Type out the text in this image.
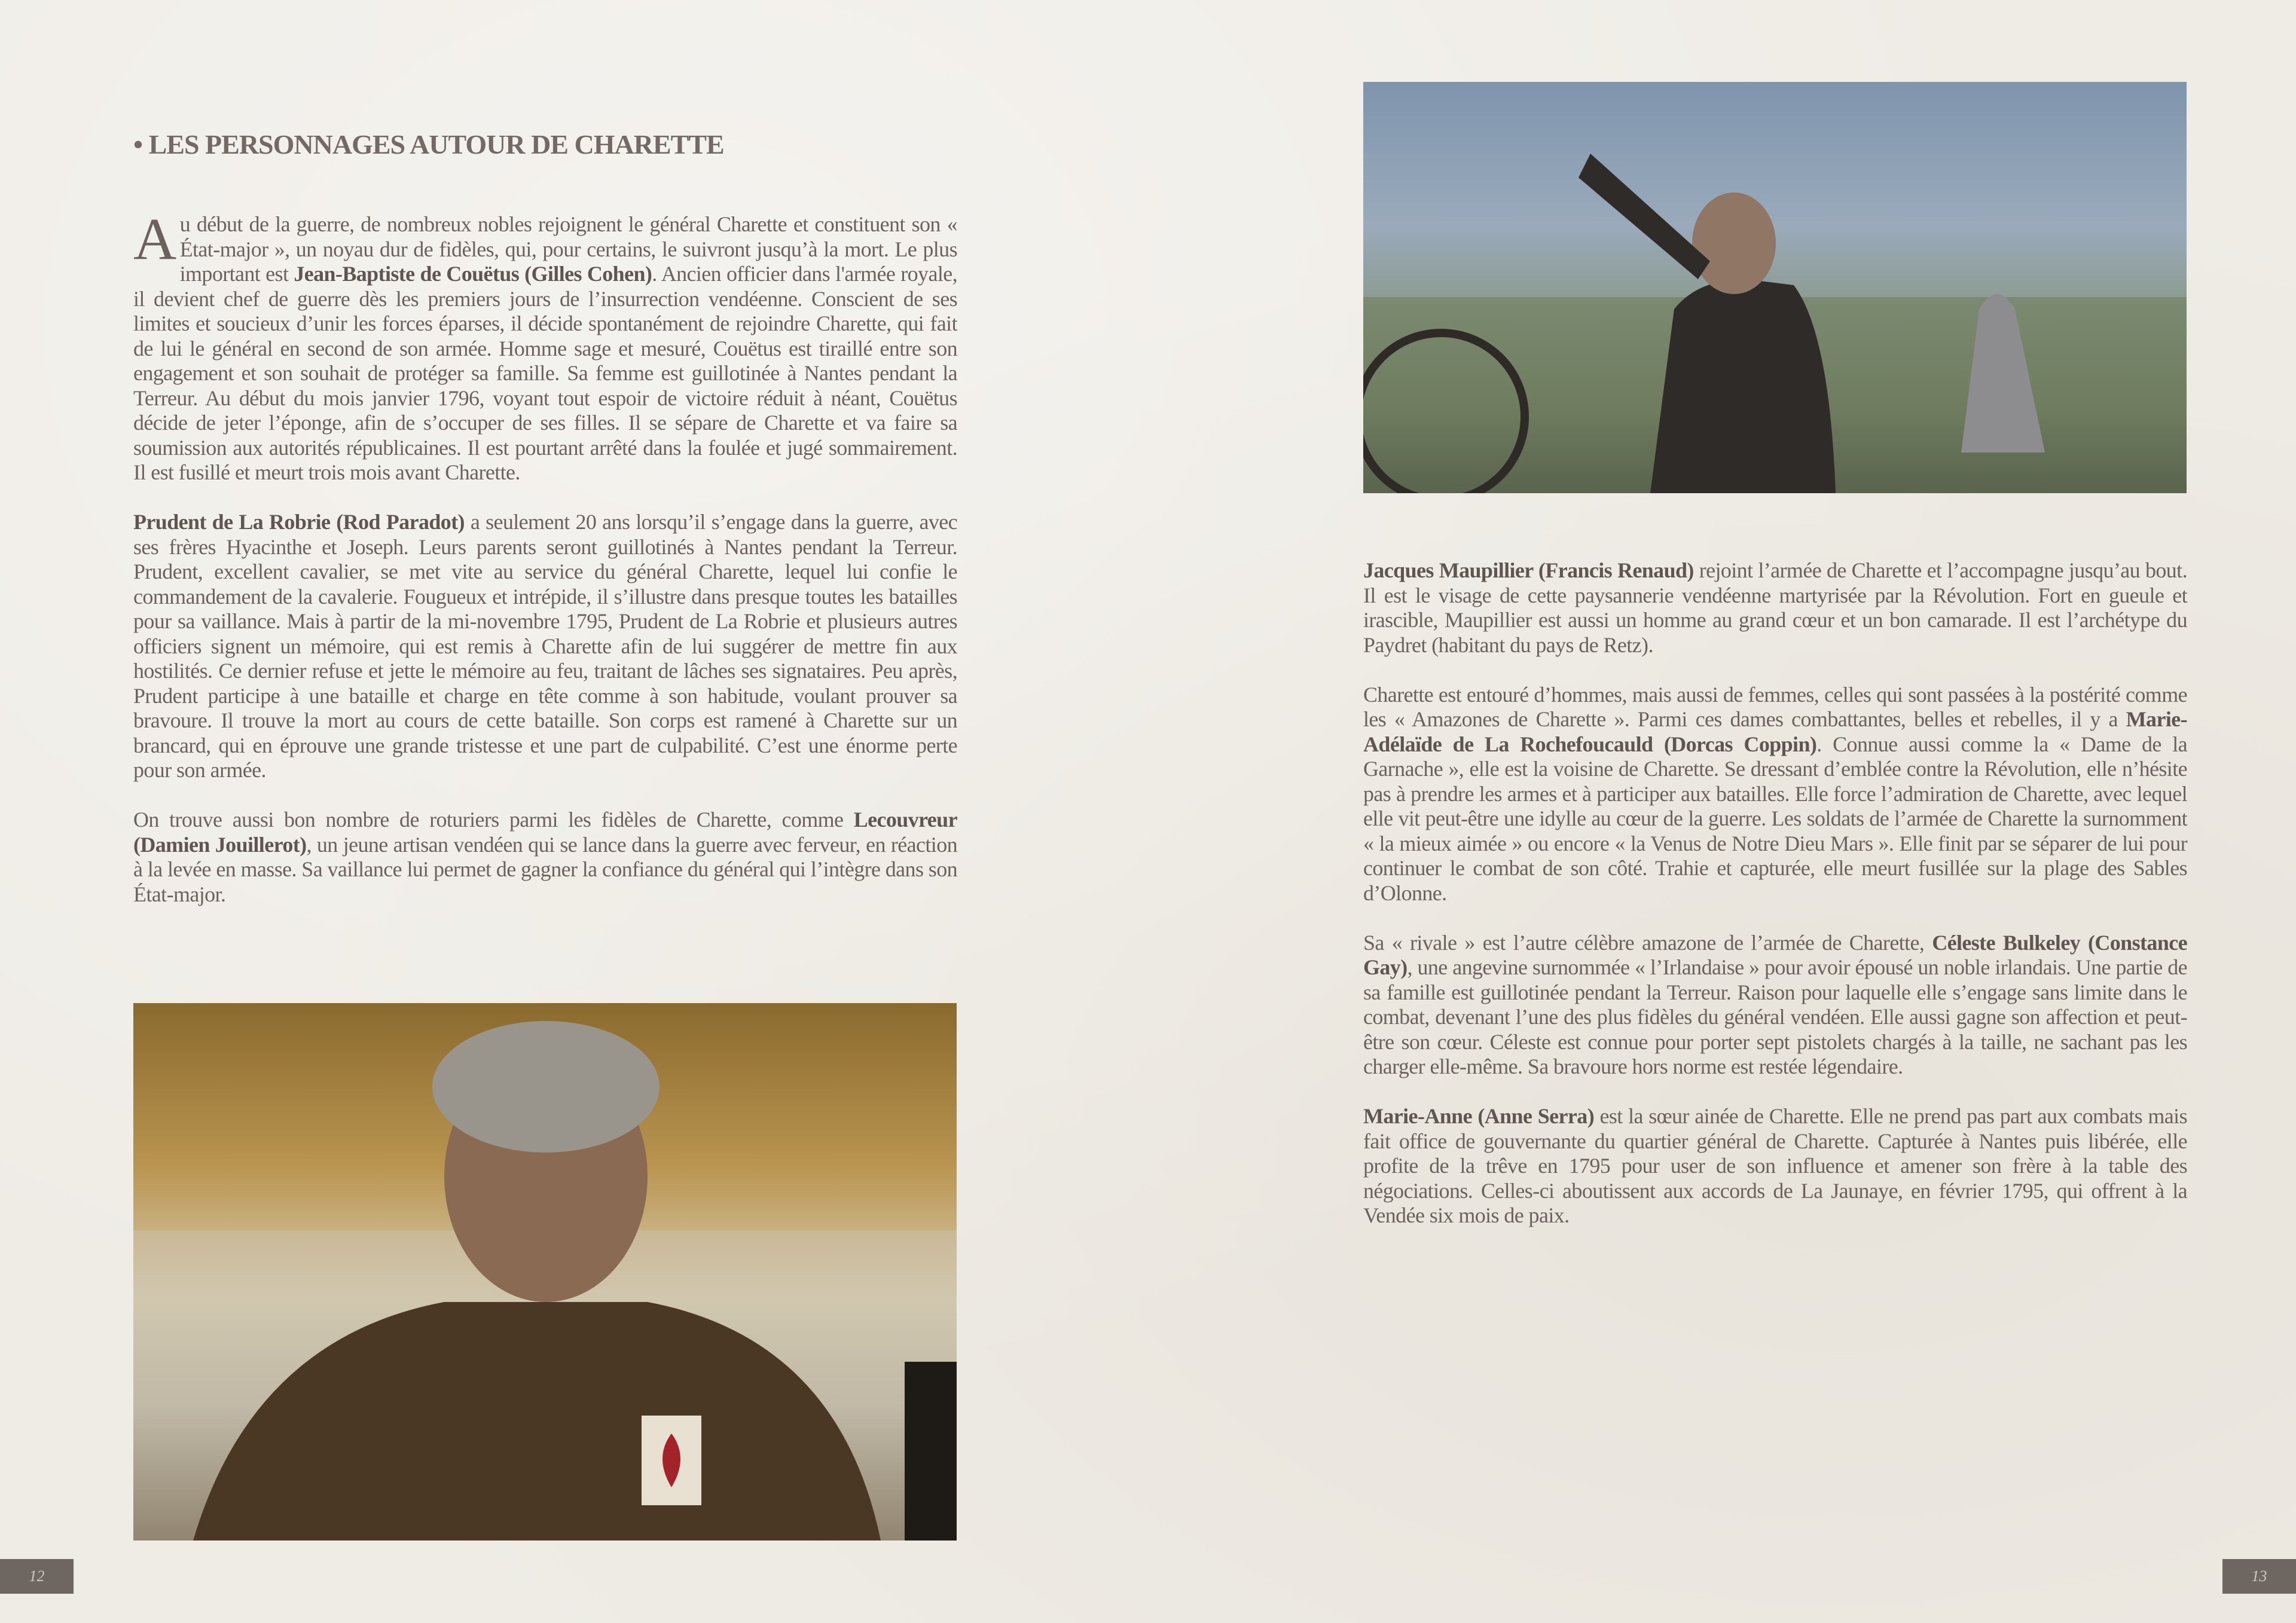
• LES PERSONNAGES AUTOUR DE CHARETTE

Au début de la guerre, de nombreux nobles rejoignent le général Charette et constituent son « État-major », un noyau dur de fidèles, qui, pour certains, le suivront jusqu’à la mort. Le plus important est Jean-Baptiste de Couëtus (Gilles Cohen). Ancien officier dans l'armée royale, il devient chef de guerre dès les premiers jours de l’insurrection vendéenne. Conscient de ses limites et soucieux d’unir les forces éparses, il décide spontanément de rejoindre Charette, qui fait de lui le général en second de son armée. Homme sage et mesuré, Couëtus est tiraillé entre son engagement et son souhait de protéger sa famille. Sa femme est guillotinée à Nantes pendant la Terreur. Au début du mois janvier 1796, voyant tout espoir de victoire réduit à néant, Couëtus décide de jeter l’éponge, afin de s’occuper de ses filles. Il se sépare de Charette et va faire sa soumission aux autorités républicaines. Il est pourtant arrêté dans la foulée et jugé sommairement. Il est fusillé et meurt trois mois avant Charette.

Prudent de La Robrie (Rod Paradot) a seulement 20 ans lorsqu’il s’engage dans la guerre, avec ses frères Hyacinthe et Joseph. Leurs parents seront guillotinés à Nantes pendant la Terreur. Prudent, excellent cavalier, se met vite au service du général Charette, lequel lui confie le commandement de la cavalerie. Fougueux et intrépide, il s’illustre dans presque toutes les batailles pour sa vaillance. Mais à partir de la mi-novembre 1795, Prudent de La Robrie et plusieurs autres officiers signent un mémoire, qui est remis à Charette afin de lui suggérer de mettre fin aux hostilités. Ce dernier refuse et jette le mémoire au feu, traitant de lâches ses signataires. Peu après, Prudent participe à une bataille et charge en tête comme à son habitude, voulant prouver sa bravoure. Il trouve la mort au cours de cette bataille. Son corps est ramené à Charette sur un brancard, qui en éprouve une grande tristesse et une part de culpabilité. C’est une énorme perte pour son armée.

On trouve aussi bon nombre de roturiers parmi les fidèles de Charette, comme Lecouvreur (Damien Jouillerot), un jeune artisan vendéen qui se lance dans la guerre avec ferveur, en réaction à la levée en masse. Sa vaillance lui permet de gagner la confiance du général qui l’intègre dans son État-major.

Jacques Maupillier (Francis Renaud) rejoint l’armée de Charette et l’accompagne jusqu’au bout. Il est le visage de cette paysannerie vendéenne martyrisée par la Révolution. Fort en gueule et irascible, Maupillier est aussi un homme au grand cœur et un bon camarade. Il est l’archétype du Paydret (habitant du pays de Retz).

Charette est entouré d’hommes, mais aussi de femmes, celles qui sont passées à la postérité comme les « Amazones de Charette ». Parmi ces dames combattantes, belles et rebelles, il y a Marie-Adélaïde de La Rochefoucauld (Dorcas Coppin). Connue aussi comme la « Dame de la Garnache », elle est la voisine de Charette. Se dressant d’emblée contre la Révolution, elle n’hésite pas à prendre les armes et à participer aux batailles. Elle force l’admiration de Charette, avec lequel elle vit peut-être une idylle au cœur de la guerre. Les soldats de l’armée de Charette la surnomment « la mieux aimée » ou encore « la Venus de Notre Dieu Mars ». Elle finit par se séparer de lui pour continuer le combat de son côté. Trahie et capturée, elle meurt fusillée sur la plage des Sables d’Olonne.

Sa « rivale » est l’autre célèbre amazone de l’armée de Charette, Céleste Bulkeley (Constance Gay), une angevine surnommée « l’Irlandaise » pour avoir épousé un noble irlandais. Une partie de sa famille est guillotinée pendant la Terreur. Raison pour laquelle elle s’engage sans limite dans le combat, devenant l’une des plus fidèles du général vendéen. Elle aussi gagne son affection et peut-être son cœur. Céleste est connue pour porter sept pistolets chargés à la taille, ne sachant pas les charger elle-même. Sa bravoure hors norme est restée légendaire.

Marie-Anne (Anne Serra) est la sœur ainée de Charette. Elle ne prend pas part aux combats mais fait office de gouvernante du quartier général de Charette. Capturée à Nantes puis libérée, elle profite de la trêve en 1795 pour user de son influence et amener son frère à la table des négociations. Celles-ci aboutissent aux accords de La Jaunaye, en février 1795, qui offrent à la Vendée six mois de paix.

12	13
